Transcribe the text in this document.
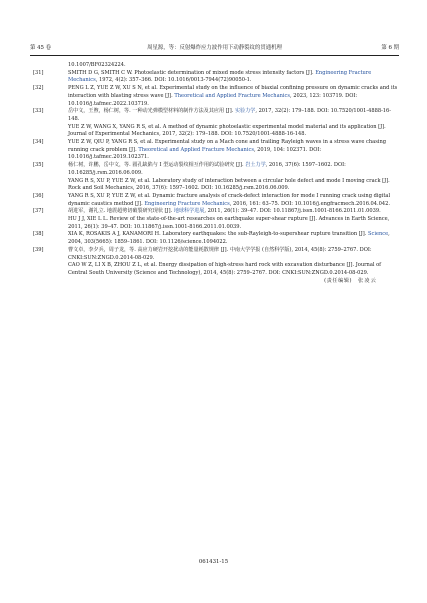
第 45 卷	周星源，等：反射爆炸应力波作用下动静裂纹的贯通机理	第 6 期
10.1007/BF02324224.
[ 31 ]	SMITH D G, SMITH C W. Photoelastic determination of mixed mode stress intensity factors [J]. Engineering Fracture Mechanics, 1972, 4(2): 357–366. DOI: 10.1016/0013-7944(72)90050-1.
[ 32 ]	PENG L Z, YUE Z W, XU S N, et al. Experimental study on the influence of biaxial confining pressure on dynamic cracks and its interaction with blasting stress wave [J]. Theoretical and Applied Fracture Mechanics, 2023, 123: 103719. DOI: 10.1016/j.tafmec.2022.103719.
[ 33 ]	岳中文，王煦，杨仁树，等. 一种动光弹模型材料的制作方法及其应用 [J]. 实验力学, 2017, 32(2): 179–188. DOI: 10.7520/1001-4888-16-148.
YUE Z W, WANG X, YANG R S, et al. A method of dynamic photoelastic experimental model material and its application [J]. Journal of Experimental Mechanics, 2017, 32(2): 179–188. DOI: 10.7520/1001-4888-16-148.
[ 34 ]	YUE Z W, QIU P, YANG R S, et al. Experimental study on a Mach cone and trailing Rayleigh waves in a stress wave chasing running crack problem [J]. Theoretical and Applied Fracture Mechanics, 2019, 104: 102371. DOI: 10.1016/j.tafmec.2019.102371.
[ 35 ]	杨仁树，许鹏，岳中文，等. 圆孔缺陷与 I 型运动裂纹相互作用的试验研究 [J]. 岩土力学, 2016, 37(6): 1597–1602. DOI: 10.16285/j.rsm.2016.06.009.
YANG R S, XU P, YUE Z W, et al. Laboratory study of interaction between a circular hole defect and mode Ⅰ moving crack [J]. Rock and Soil Mechanics, 2016, 37(6): 1597–1602. DOI: 10.16285/j.rsm.2016.06.009.
[ 36 ]	YANG R S, XU P, YUE Z W, et al. Dynamic fracture analysis of crack-defect interaction for mode Ⅰ running crack using digital dynamic caustics method [J]. Engineering Fracture Mechanics, 2016, 161: 63–75. DOI: 10.1016/j.engfracmech.2016.04.042.
[ 37 ]	胡进军，谢礼立. 地震超剪切破裂研究现状 [J]. 地球科学进展, 2011, 26(1): 39–47. DOI: 10.11867/j.issn.1001-8166.2011.01.0039.
HU J J, XIE L L. Review of the state-of-the-art researches on earthquake super-shear rupture [J]. Advances in Earth Science, 2011, 26(1): 39–47. DOI: 10.11867/j.issn.1001-8166.2011.01.0039.
[ 38 ]	XIA K, ROSAKIS A J, KANAMORI H. Laboratory earthquakes: the sub-Rayleigh-to-supershear rupture transition [J]. Science, 2004, 303(5665): 1859–1861. DOI: 10.1126/science.1094022.
[ 39 ]	曹文卓，李夕兵，周子龙，等. 高应力硬岩开挖扰动的能量耗散规律 [J]. 中南大学学报 (自然科学版), 2014, 45(8): 2759–2767. DOI: CNKI:SUN:ZNGD.0.2014-08-029.
CAO W Z, LI X B, ZHOU Z L, et al. Energy dissipation of high-stress hard rock with excavation disturbance [J]. Journal of Central South University (Science and Technology), 2014, 45(8): 2759–2767. DOI: CNKI:SUN:ZNGD.0.2014-08-029.
( 责任编辑 ) 张凌云
061431-15
